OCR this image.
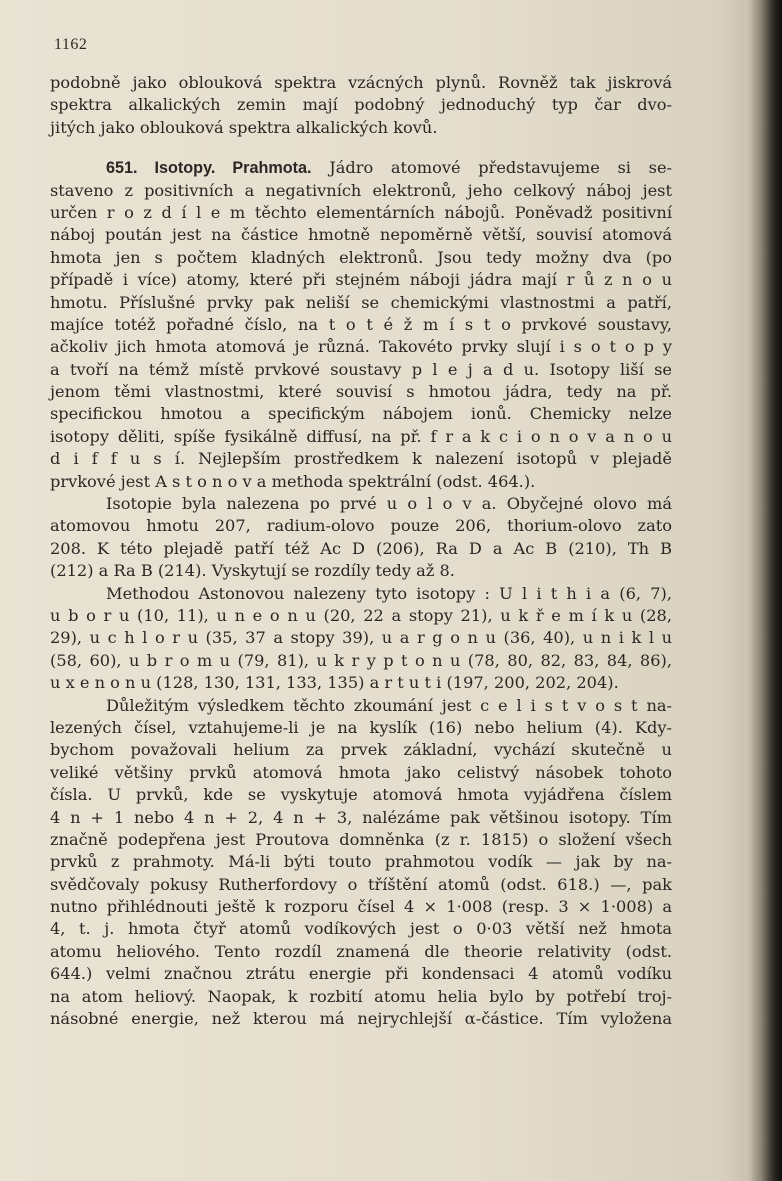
1162
podobně jako oblouková spektra vzácných plynů. Rovněž tak jiskrová
spektra alkalických zemin mají podobný jednoduchý typ čar dvo-
jitých jako oblouková spektra alkalických kovů.
651. Isotopy. Prahmota. Jádro atomové představujeme si se-
staveno z positivních a negativních elektronů, jeho celkový náboj jest
určen r o z d í l e m těchto elementárních nábojů. Poněvadž positivní
náboj poután jest na částice hmotně nepoměrně větší, souvisí atomová
hmota jen s počtem kladných elektronů. Jsou tedy možny dva (po
případě i více) atomy, které při stejném náboji jádra mají r ů z n o u
hmotu. Příslušné prvky pak neliší se chemickými vlastnostmi a patří,
majíce totéž pořadné číslo, na t o t é ž m í s t o prvkové soustavy,
ačkoliv jich hmota atomová je různá. Takovéto prvky slují i s o t o p y
a tvoří na témž místě prvkové soustavy p l e j a d u. Isotopy liší se
jenom těmi vlastnostmi, které souvisí s hmotou jádra, tedy na př.
specifickou hmotou a specifickým nábojem ionů. Chemicky nelze
isotopy děliti, spíše fysikálně diffusí, na př. f r a k c i o n o v a n o u
d i f f u s í. Nejlepším prostředkem k nalezení isotopů v plejadě
prvkové jest A s t o n o v a methoda spektrální (odst. 464.).
Isotopie byla nalezena po prvé u o l o v a. Obyčejné olovo má
atomovou hmotu 207, radium-olovo pouze 206, thorium-olovo zato
208. K této plejadě patří též Ac D (206), Ra D a Ac B (210), Th B
(212) a Ra B (214). Vyskytují se rozdíly tedy až 8.
Methodou Astonovou nalezeny tyto isotopy : U l i t h i a (6, 7),
u b o r u (10, 11), u n e o n u (20, 22 a stopy 21), u k ř e m í k u (28,
29), u c h l o r u (35, 37 a stopy 39), u a r g o n u (36, 40), u n i k l u
(58, 60), u b r o m u (79, 81), u k r y p t o n u (78, 80, 82, 83, 84, 86),
u x e n o n u (128, 130, 131, 133, 135) a r t u t i (197, 200, 202, 204).
Důležitým výsledkem těchto zkoumání jest c e l i s t v o s t na-
lezených čísel, vztahujeme-li je na kyslík (16) nebo helium (4). Kdy-
bychom považovali helium za prvek základní, vychází skutečně u
veliké většiny prvků atomová hmota jako celistvý násobek tohoto
čísla. U prvků, kde se vyskytuje atomová hmota vyjádřena číslem
4 n + 1 nebo 4 n + 2, 4 n + 3, nalézáme pak většinou isotopy. Tím
značně podepřena jest Proutova domněnka (z r. 1815) o složení všech
prvků z prahmoty. Má-li býti touto prahmotou vodík — jak by na-
svědčovaly pokusy Rutherfordovy o tříštění atomů (odst. 618.) —, pak
nutno přihlédnouti ještě k rozporu čísel 4 × 1·008 (resp. 3 × 1·008) a
4, t. j. hmota čtyř atomů vodíkových jest o 0·03 větší než hmota
atomu heliového. Tento rozdíl znamená dle theorie relativity (odst.
644.) velmi značnou ztrátu energie při kondensaci 4 atomů vodíku
na atom heliový. Naopak, k rozbití atomu helia bylo by potřebí troj-
násobné energie, než kterou má nejrychlejší α-částice. Tím vyložena
